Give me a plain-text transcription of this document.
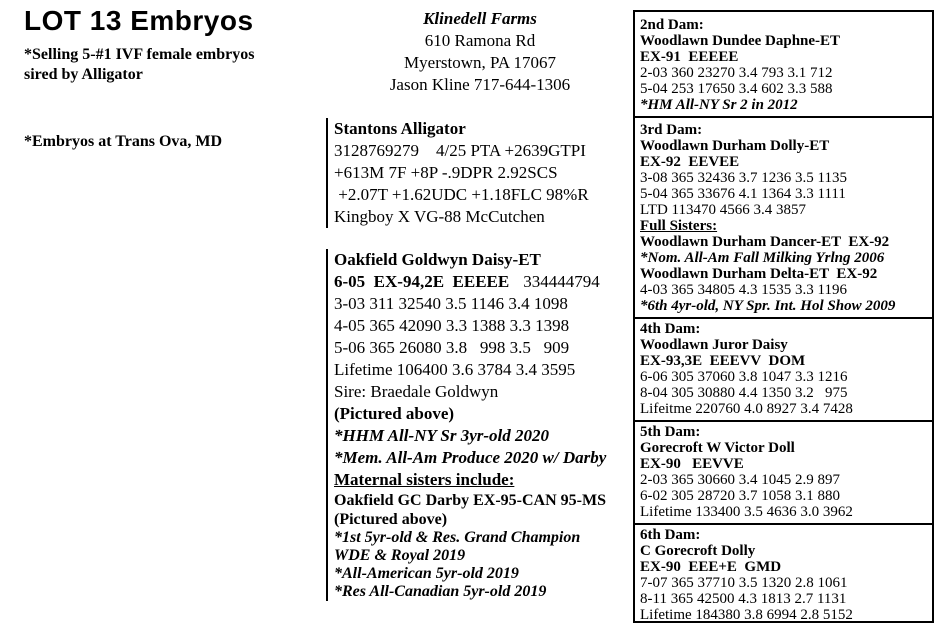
LOT 13 Embryos
*Selling 5-#1 IVF female embryos
sired by Alligator
*Embryos at Trans Ova, MD
Klinedell Farms
610 Ramona Rd
Myerstown, PA 17067
Jason Kline 717-644-1306
Stantons Alligator
3128769279    4/25 PTA +2639GTPI
+613M 7F +8P -.9DPR 2.92SCS
+2.07T +1.62UDC +1.18FLC 98%R
Kingboy X VG-88 McCutchen
Oakfield Goldwyn Daisy-ET
6-05  EX-94,2E  EEEEE 334444794
3-03 311 32540 3.5 1146 3.4 1098
4-05 365 42090 3.3 1388 3.3 1398
5-06 365 26080 3.8   998 3.5   909
Lifetime 106400 3.6 3784 3.4 3595
Sire: Braedale Goldwyn
(Pictured above)
*HHM All-NY Sr 3yr-old 2020
*Mem. All-Am Produce 2020 w/ Darby
Maternal sisters include:
Oakfield GC Darby EX-95-CAN 95-MS
(Pictured above)
*1st 5yr-old & Res. Grand Champion
WDE & Royal 2019
*All-American 5yr-old 2019
*Res All-Canadian 5yr-old 2019
2nd Dam:
Woodlawn Dundee Daphne-ET
EX-91  EEEEE
2-03 360 23270 3.4 793 3.1 712
5-04 253 17650 3.4 602 3.3 588
*HM All-NY Sr 2 in 2012
3rd Dam:
Woodlawn Durham Dolly-ET
EX-92  EEVEE
3-08 365 32436 3.7 1236 3.5 1135
5-04 365 33676 4.1 1364 3.3 1111
LTD 113470 4566 3.4 3857
Full Sisters:
Woodlawn Durham Dancer-ET  EX-92
*Nom. All-Am Fall Milking Yrlng 2006
Woodlawn Durham Delta-ET  EX-92
4-03 365 34805 4.3 1535 3.3 1196
*6th 4yr-old, NY Spr. Int. Hol Show 2009
4th Dam:
Woodlawn Juror Daisy
EX-93,3E  EEEVV  DOM
6-06 305 37060 3.8 1047 3.3 1216
8-04 305 30880 4.4 1350 3.2   975
Lifeitme 220760 4.0 8927 3.4 7428
5th Dam:
Gorecroft W Victor Doll
EX-90   EEVVE
2-03 365 30660 3.4 1045 2.9 897
6-02 305 28720 3.7 1058 3.1 880
Lifetime 133400 3.5 4636 3.0 3962
6th Dam:
C Gorecroft Dolly
EX-90  EEE+E  GMD
7-07 365 37710 3.5 1320 2.8 1061
8-11 365 42500 4.3 1813 2.7 1131
Lifetime 184380 3.8 6994 2.8 5152
